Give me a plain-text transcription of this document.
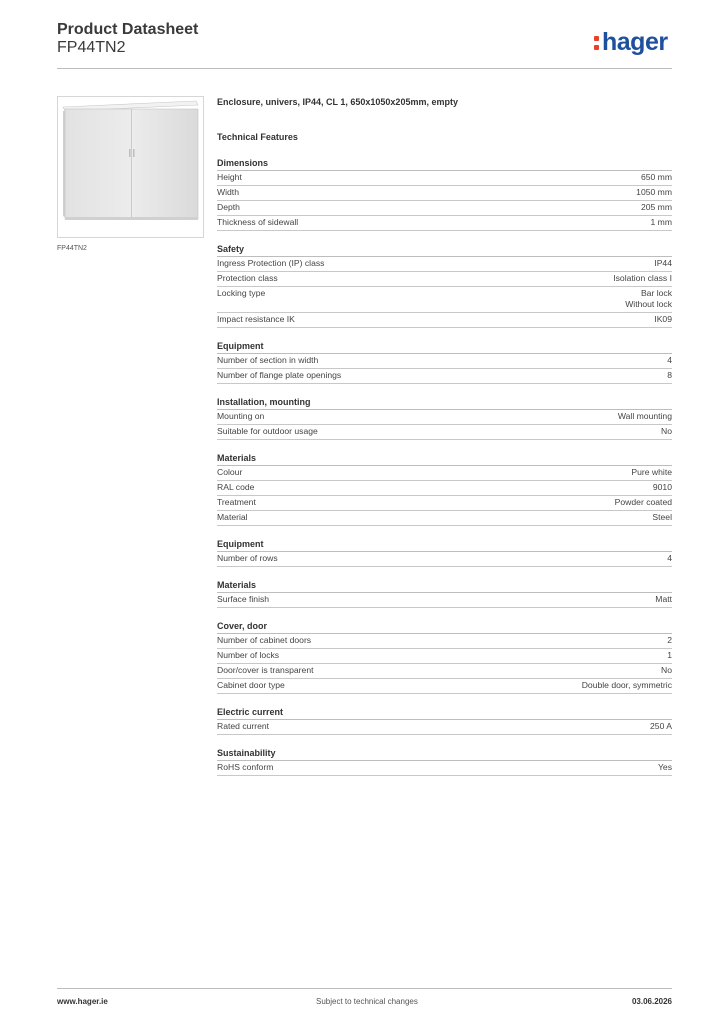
Product Datasheet
FP44TN2	hager
FP44TN2
Enclosure, univers, IP44, CL 1, 650x1050x205mm, empty
Technical Features
Dimensions
Height	650 mm
Width	1050 mm
Depth	205 mm
Thickness of sidewall	1 mm
Safety
Ingress Protection (IP) class	IP44
Protection class	Isolation class I
Locking type	Bar lock
Without lock
Impact resistance IK	IK09
Equipment
Number of section in width	4
Number of flange plate openings	8
Installation, mounting
Mounting on	Wall mounting
Suitable for outdoor usage	No
Materials
Colour	Pure white
RAL code	9010
Treatment	Powder coated
Material	Steel
Equipment
Number of rows	4
Materials
Surface finish	Matt
Cover, door
Number of cabinet doors	2
Number of locks	1
Door/cover is transparent	No
Cabinet door type	Double door, symmetric
Electric current
Rated current	250 A
Sustainability
RoHS conform	Yes
www.hager.ie	Subject to technical changes	03.06.2026
